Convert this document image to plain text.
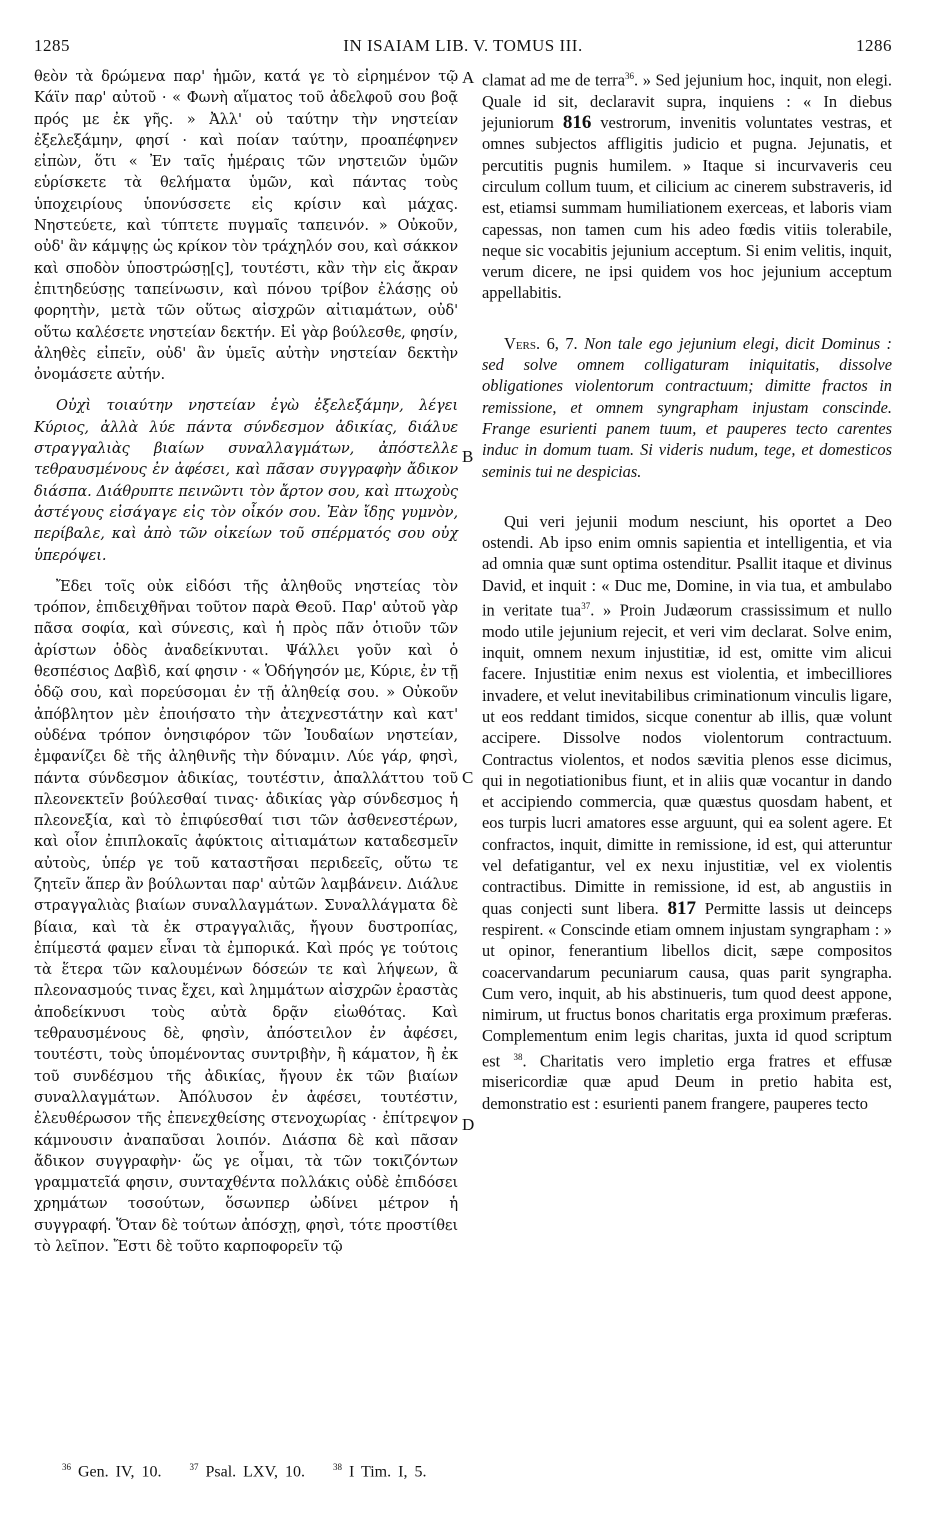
1285	IN ISAIAM LIB. V. TOMUS III.	1286

θεὸν τὰ δρώμενα παρ' ἡμῶν, κατά γε τὸ εἰρημένον τῷ Κάϊν παρ' αὐτοῦ · « Φωνὴ αἵματος τοῦ ἀδελφοῦ σου βοᾷ πρός με ἐκ γῆς. » Ἀλλ' οὐ ταύτην τὴν νηστείαν ἐξελεξάμην, φησί · καὶ ποίαν ταύτην, προαπέφηνεν εἰπὼν, ὅτι « Ἐν ταῖς ἡμέραις τῶν νηστειῶν ὑμῶν εὑρίσκετε τὰ θελήματα ὑμῶν, καὶ πάντας τοὺς ὑποχειρίους ὑπονύσσετε εἰς κρίσιν καὶ μάχας. Νηστεύετε, καὶ τύπτετε πυγμαῖς ταπεινόν. » Οὐκοῦν, οὐδ' ἂν κάμψῃς ὡς κρίκον τὸν τράχηλόν σου, καὶ σάκκον καὶ σποδὸν ὑποστρώσῃ[ς], τουτέστι, κἂν τὴν εἰς ἄκραν ἐπιτηδεύσῃς ταπείνωσιν, καὶ πόνου τρίβον ἐλάσῃς οὐ φορητὴν, μετὰ τῶν οὕτως αἰσχρῶν αἰτιαμάτων, οὐδ' οὕτω καλέσετε νηστείαν δεκτήν. Εἰ γὰρ βούλεσθε, φησίν, ἀληθὲς εἰπεῖν, οὐδ' ἂν ὑμεῖς αὐτὴν νηστείαν δεκτὴν ὀνομάσετε αὐτήν.

Οὐχὶ τοιαύτην νηστείαν ἐγὼ ἐξελεξάμην, λέγει Κύριος, ἀλλὰ λύε πάντα σύνδεσμον ἀδικίας, διάλυε στραγγαλιὰς βιαίων συναλλαγμάτων, ἀπόστελλε τεθραυσμένους ἐν ἀφέσει, καὶ πᾶσαν συγγραφὴν ἄδικον διάσπα. Διάθρυπτε πεινῶντι τὸν ἄρτον σου, καὶ πτωχοὺς ἀστέγους εἰσάγαγε εἰς τὸν οἶκόν σου. Ἐὰν ἴδῃς γυμνὸν, περίβαλε, καὶ ἀπὸ τῶν οἰκείων τοῦ σπέρματός σου οὐχ ὑπερόψει.

Ἔδει τοῖς οὐκ εἰδόσι τῆς ἀληθοῦς νηστείας τὸν τρόπον, ἐπιδειχθῆναι τοῦτον παρὰ Θεοῦ. Παρ' αὐτοῦ γὰρ πᾶσα σοφία, καὶ σύνεσις, καὶ ἡ πρὸς πᾶν ὁτιοῦν τῶν ἀρίστων ὁδὸς ἀναδείκνυται. Ψάλλει γοῦν καὶ ὁ θεσπέσιος Δαβὶδ, καί φησιν · « Ὁδήγησόν με, Κύριε, ἐν τῇ ὁδῷ σου, καὶ πορεύσομαι ἐν τῇ ἀληθείᾳ σου. » Οὐκοῦν ἀπόβλητον μὲν ἐποιήσατο τὴν ἀτεχνεστάτην καὶ κατ' οὐδένα τρόπον ὀνησιφόρον τῶν Ἰουδαίων νηστείαν, ἐμφανίζει δὲ τῆς ἀληθινῆς τὴν δύναμιν. Λύε γάρ, φησὶ, πάντα σύνδεσμον ἀδικίας, τουτέστιν, ἀπαλλάττου τοῦ πλεονεκτεῖν βούλεσθαί τινας· ἀδικίας γὰρ σύνδεσμος ἡ πλεονεξία, καὶ τὸ ἐπιφύεσθαί τισι τῶν ἀσθενεστέρων, καὶ οἷον ἐπιπλοκαῖς ἀφύκτοις αἰτιαμάτων καταδεσμεῖν αὐτοὺς, ὑπέρ γε τοῦ καταστῆσαι περιδεεῖς, οὕτω τε ζητεῖν ἅπερ ἂν βούλωνται παρ' αὐτῶν λαμβάνειν. Διάλυε στραγγαλιὰς βιαίων συναλλαγμάτων. Συναλλάγματα δὲ βίαια, καὶ τὰ ἐκ στραγγαλιᾶς, ἤγουν δυστροπίας, ἐπίμεστά φαμεν εἶναι τὰ ἐμπορικά. Καὶ πρός γε τούτοις τὰ ἕτερα τῶν καλουμένων δόσεών τε καὶ λήψεων, ἃ πλεονασμούς τινας ἔχει, καὶ λημμάτων αἰσχρῶν ἐραστὰς ἀποδείκνυσι τοὺς αὐτὰ δρᾷν εἰωθότας. Καὶ τεθραυσμένους δὲ, φησὶν, ἀπόστειλον ἐν ἀφέσει, τουτέστι, τοὺς ὑπομένοντας συντριβὴν, ἢ κάματον, ἢ ἐκ τοῦ συνδέσμου τῆς ἀδικίας, ἤγουν ἐκ τῶν βιαίων συναλλαγμάτων. Ἀπόλυσον ἐν ἀφέσει, τουτέστιν, ἐλευθέρωσον τῆς ἐπενεχθείσης στενοχωρίας · ἐπίτρεψον κάμνουσιν ἀναπαῦσαι λοιπόν. Διάσπα δὲ καὶ πᾶσαν ἄδικον συγγραφὴν· ὥς γε οἶμαι, τὰ τῶν τοκιζόντων γραμματεῖά φησιν, συνταχθέντα πολλάκις οὐδὲ ἐπιδόσει χρημάτων τοσούτων, ὅσωνπερ ὠδίνει μέτρον ἡ συγγραφή. Ὅταν δὲ τούτων ἀπόσχῃ, φησὶ, τότε προστίθει τὸ λεῖπον. Ἔστι δὲ τοῦτο καρποφορεῖν τῷ

A
B
C
D

clamat ad me de terra$^{36}$. » Sed jejunium hoc, inquit, non elegi. Quale id sit, declaravit supra, inquiens : « In diebus jejuniorum 816 vestrorum, invenitis voluntates vestras, et omnes subjectos affligitis judicio et pugna. Jejunatis, et percutitis pugnis humilem. » Itaque si incurvaveris ceu circulum collum tuum, et cilicium ac cinerem substraveris, id est, etiamsi summam humiliationem exerceas, et laboris viam capessas, non tamen cum his adeo fœdis vitiis tolerabile, neque sic vocabitis jejunium acceptum. Si enim velitis, inquit, verum dicere, ne ipsi quidem vos hoc jejunium acceptum appellabitis.

Vers. 6, 7. Non tale ego jejunium elegi, dicit Dominus : sed solve omnem colligaturam iniquitatis, dissolve obligationes violentorum contractuum; dimitte fractos in remissione, et omnem syngrapham injustam conscinde. Frange esurienti panem tuum, et pauperes tecto carentes induc in domum tuam. Si videris nudum, tege, et domesticos seminis tui ne despicias.

Qui veri jejunii modum nesciunt, his oportet a Deo ostendi. Ab ipso enim omnis sapientia et intelligentia, et via ad omnia quæ sunt optima ostenditur. Psallit itaque et divinus David, et inquit : « Duc me, Domine, in via tua, et ambulabo in veritate tua$^{37}$. » Proin Judæorum crassissimum et nullo modo utile jejunium rejecit, et veri vim declarat. Solve enim, inquit, omnem nexum injustitiæ, id est, omitte vim alicui facere. Injustitiæ enim nexus est violentia, et imbecilliores invadere, et velut inevitabilibus criminationum vinculis ligare, ut eos reddant timidos, sicque conentur ab illis, quæ volunt accipere. Dissolve nodos violentorum contractuum. Contractus violentos, et nodos sævitia plenos esse dicimus, qui in negotiationibus fiunt, et in aliis quæ vocantur in dando et accipiendo commercia, quæ quæstus quosdam habent, et eos turpis lucri amatores esse arguunt, qui ea solent agere. Et confractos, inquit, dimitte in remissione, id est, qui atteruntur vel defatigantur, vel ex nexu injustitiæ, vel ex violentis contractibus. Dimitte in remissione, id est, ab angustiis in quas conjecti sunt libera. 817 Permitte lassis ut deinceps respirent. « Conscinde etiam omnem injustam syngrapham : » ut opinor, fenerantium libellos dicit, sæpe compositos coacervandarum pecuniarum causa, quas parit syngrapha. Cum vero, inquit, ab his abstinueris, tum quod deest appone, nimirum, ut fructus bonos charitatis erga proximum præferas. Complementum enim legis charitas, juxta id quod scriptum est $^{38}$. Charitatis vero impletio erga fratres et effusæ misericordiæ quæ apud Deum in pretio habita est, demonstratio est : esurienti panem frangere, pauperes tecto

$^{36}$ Gen. IV, 10.	$^{37}$ Psal. LXV, 10.	$^{38}$ I Tim. I, 5.
